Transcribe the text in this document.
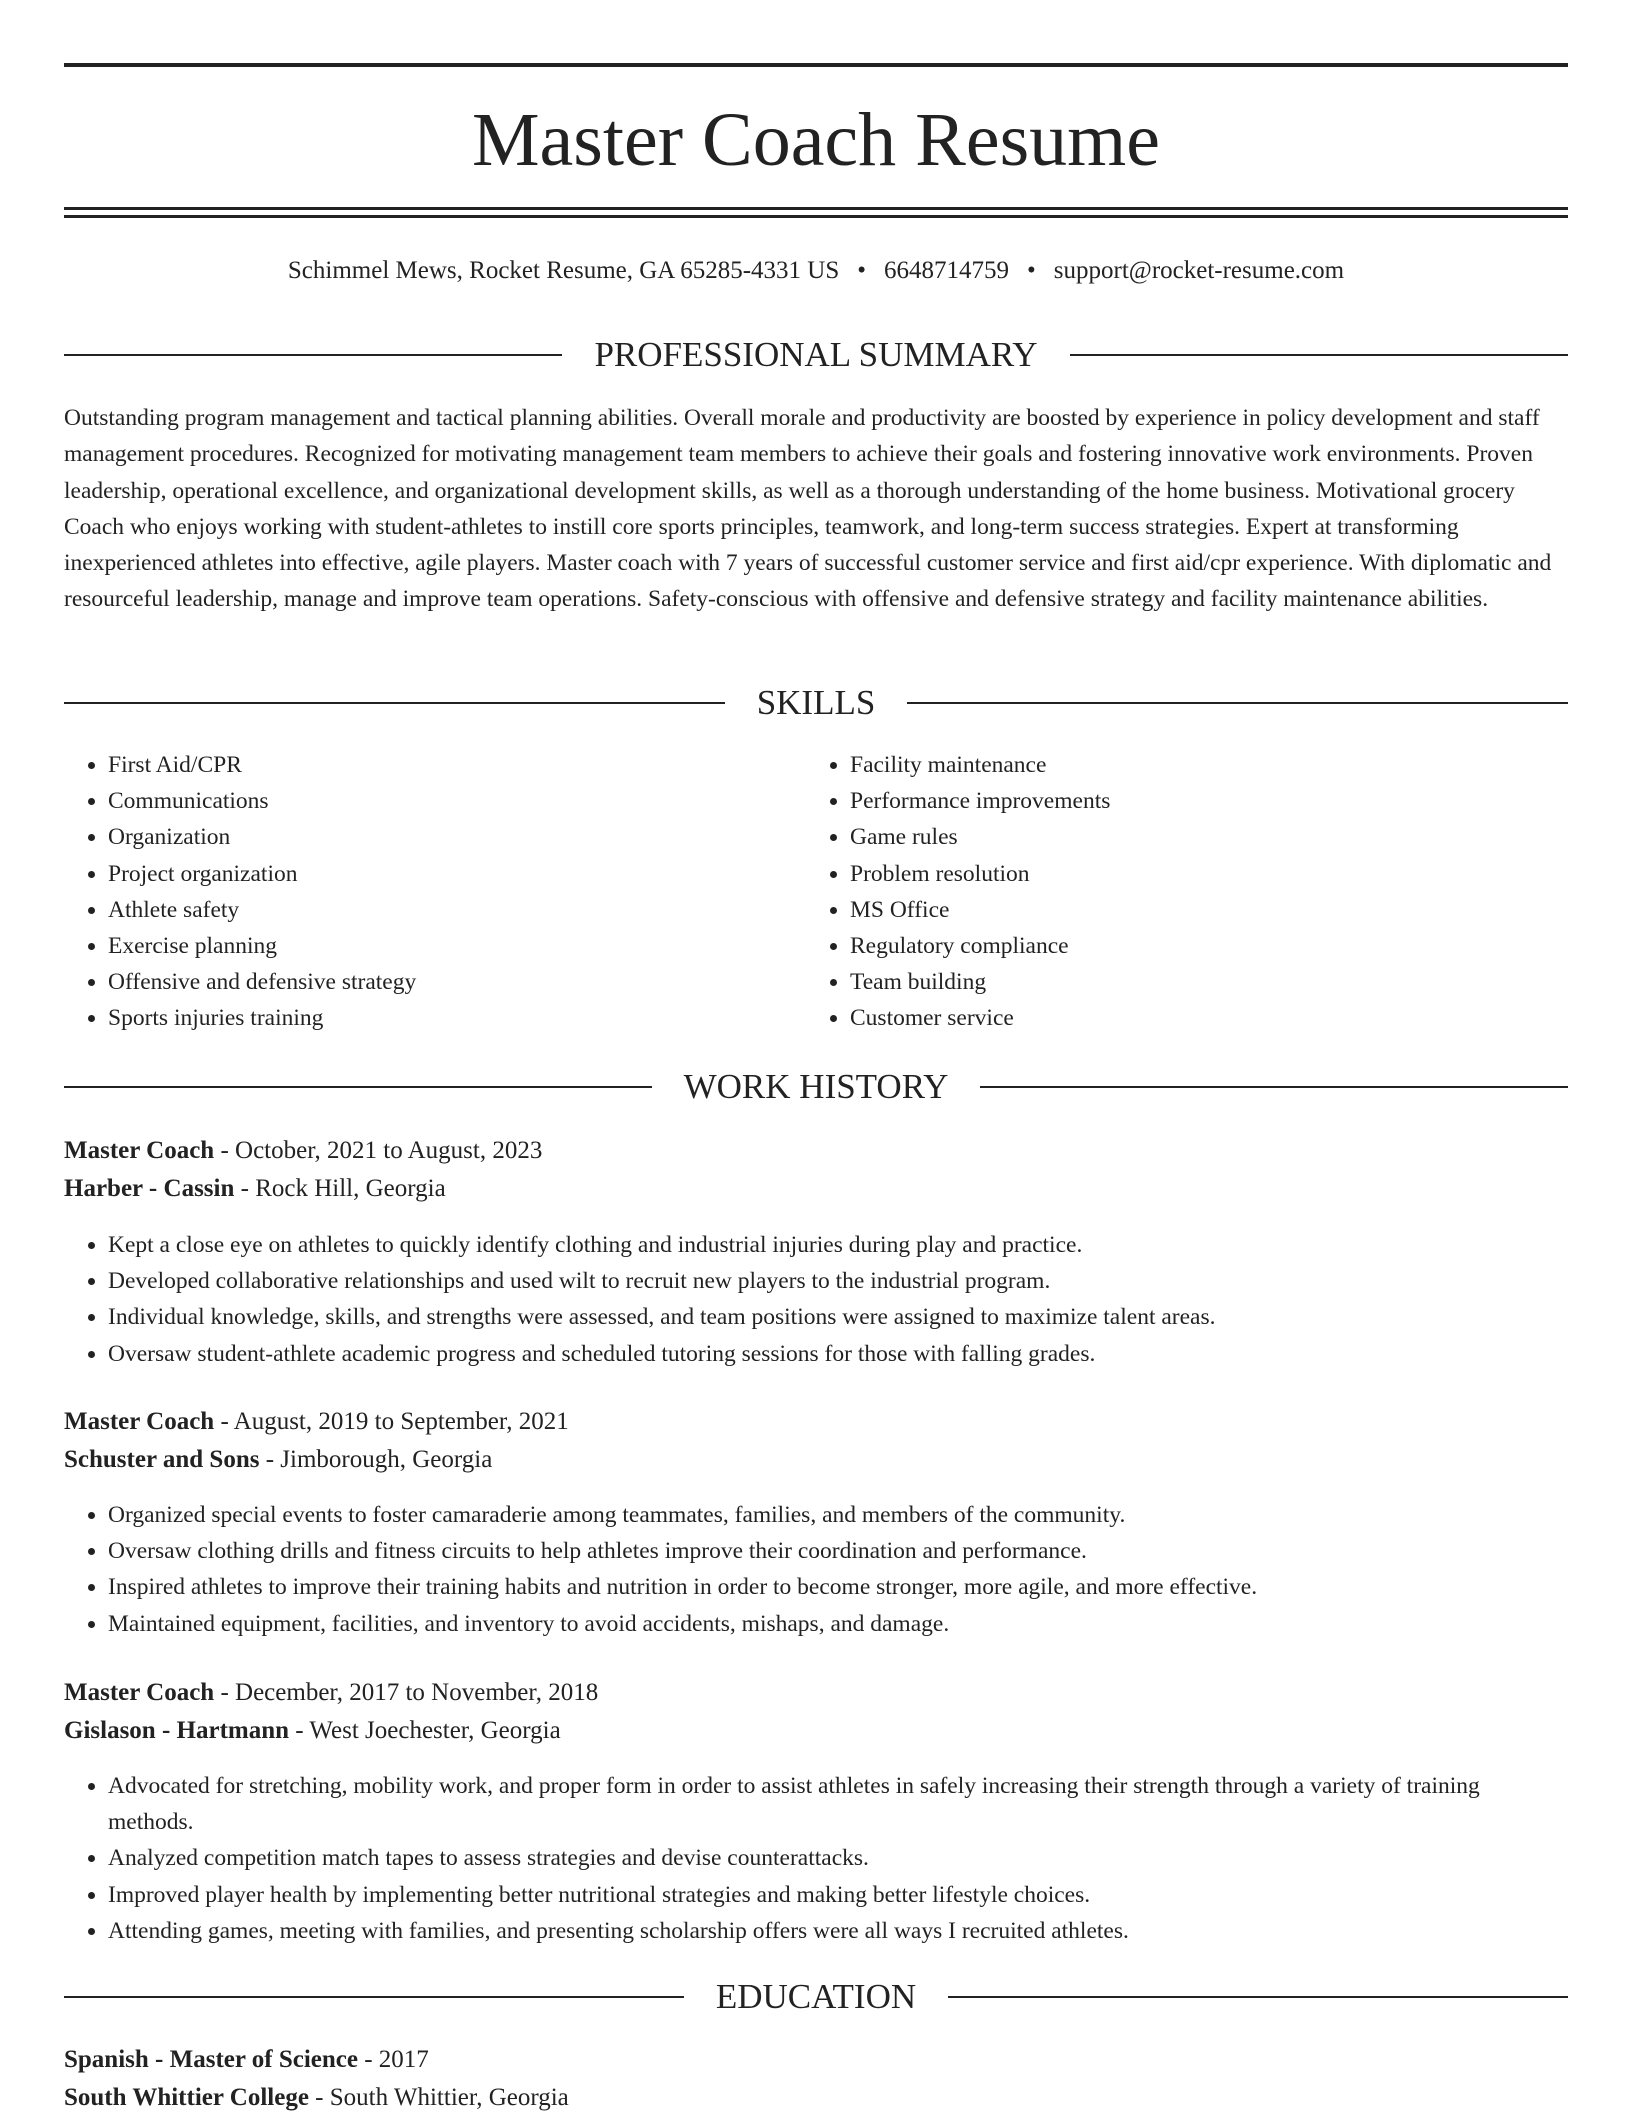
Master Coach Resume
Schimmel Mews, Rocket Resume, GA 65285-4331 US • 6648714759 • support@rocket-resume.com
PROFESSIONAL SUMMARY

Outstanding program management and tactical planning abilities. Overall morale and productivity are boosted by experience in policy development and staff management procedures. Recognized for motivating management team members to achieve their goals and fostering innovative work environments. Proven leadership, operational excellence, and organizational development skills, as well as a thorough understanding of the home business. Motivational grocery Coach who enjoys working with student-athletes to instill core sports principles, teamwork, and long-term success strategies. Expert at transforming inexperienced athletes into effective, agile players. Master coach with 7 years of successful customer service and first aid/cpr experience. With diplomatic and resourceful leadership, manage and improve team operations. Safety-conscious with offensive and defensive strategy and facility maintenance abilities.

SKILLS
• First Aid/CPR
• Communications
• Organization
• Project organization
• Athlete safety
• Exercise planning
• Offensive and defensive strategy
• Sports injuries training
• Facility maintenance
• Performance improvements
• Game rules
• Problem resolution
• MS Office
• Regulatory compliance
• Team building
• Customer service
WORK HISTORY

Master Coach - October, 2021 to August, 2023

Harber - Cassin - Rock Hill, Georgia

• Kept a close eye on athletes to quickly identify clothing and industrial injuries during play and practice.
• Developed collaborative relationships and used wilt to recruit new players to the industrial program.
• Individual knowledge, skills, and strengths were assessed, and team positions were assigned to maximize talent areas.
• Oversaw student-athlete academic progress and scheduled tutoring sessions for those with falling grades.

Master Coach - August, 2019 to September, 2021

Schuster and Sons - Jimborough, Georgia

• Organized special events to foster camaraderie among teammates, families, and members of the community.
• Oversaw clothing drills and fitness circuits to help athletes improve their coordination and performance.
• Inspired athletes to improve their training habits and nutrition in order to become stronger, more agile, and more effective.
• Maintained equipment, facilities, and inventory to avoid accidents, mishaps, and damage.

Master Coach - December, 2017 to November, 2018

Gislason - Hartmann - West Joechester, Georgia

• Advocated for stretching, mobility work, and proper form in order to assist athletes in safely increasing their strength through a variety of training methods.
• Analyzed competition match tapes to assess strategies and devise counterattacks.
• Improved player health by implementing better nutritional strategies and making better lifestyle choices.
• Attending games, meeting with families, and presenting scholarship offers were all ways I recruited athletes.
EDUCATION

Spanish - Master of Science - 2017

South Whittier College - South Whittier, Georgia
